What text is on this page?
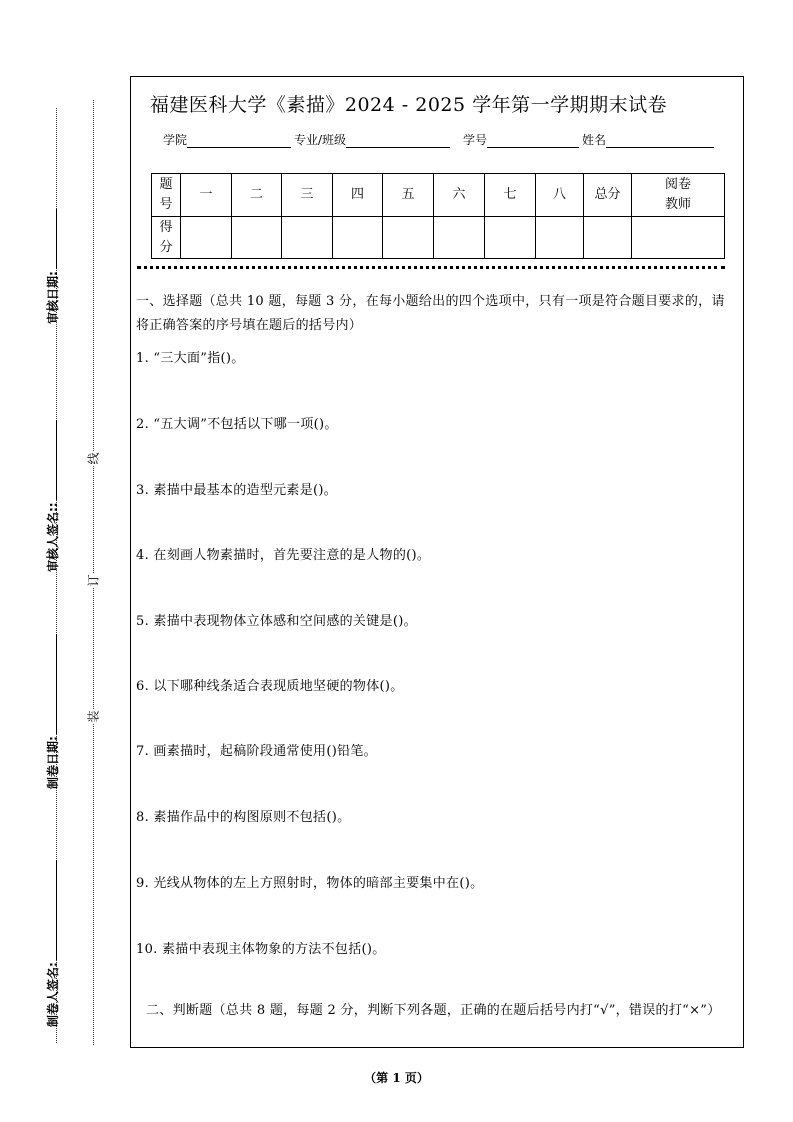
审核日期:
审核人签名::
制卷日期:
制卷人签名:
线
订
装
福建医科大学《素描》2024 - 2025 学年第一学期期末试卷
学院	专业/班级	学号	姓名
题号	一	二	三	四	五	六	七	八	总分	阅卷教师

得分										

一、选择题（总共 10 题，每题 3 分，在每小题给出的四个选项中，只有一项是符合题目要求的，请将正确答案的序号填在题后的括号内）
1. “三大面”指()。
2. “五大调”不包括以下哪一项()。
3. 素描中最基本的造型元素是()。
4. 在刻画人物素描时，首先要注意的是人物的()。
5. 素描中表现物体立体感和空间感的关键是()。
6. 以下哪种线条适合表现质地坚硬的物体()。
7. 画素描时，起稿阶段通常使用()铅笔。
8. 素描作品中的构图原则不包括()。
9. 光线从物体的左上方照射时，物体的暗部主要集中在()。
10. 素描中表现主体物象的方法不包括()。
二、判断题（总共 8 题，每题 2 分，判断下列各题，正确的在题后括号内打“√”，错误的打“×”）
（第 1 页）
